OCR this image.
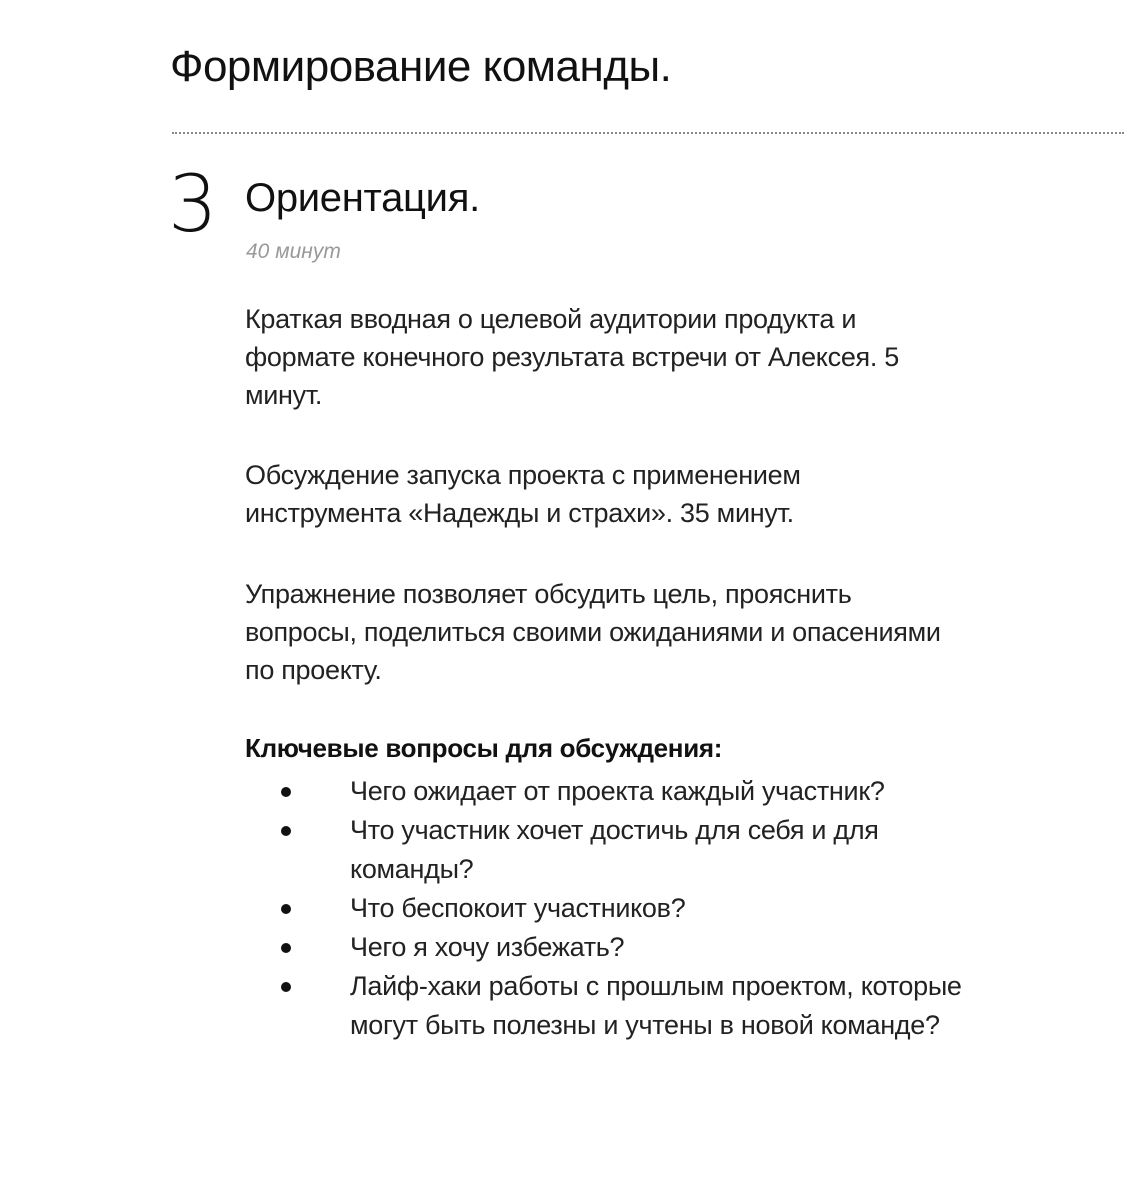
Формирование команды.
3 Ориентация.
40 минут
Краткая вводная о целевой аудитории продукта и
формате конечного результата встречи от Алексея. 5
минут.
Обсуждение запуска проекта с применением
инструмента «Надежды и страхи». 35 минут.
Упражнение позволяет обсудить цель, прояснить
вопросы, поделиться своими ожиданиями и опасениями
по проекту.
Ключевые вопросы для обсуждения:
Чего ожидает от проекта каждый участник?
Что участник хочет достичь для себя и для
команды?
Что беспокоит участников?
Чего я хочу избежать?
Лайф-хаки работы с прошлым проектом, которые
могут быть полезны и учтены в новой команде?
